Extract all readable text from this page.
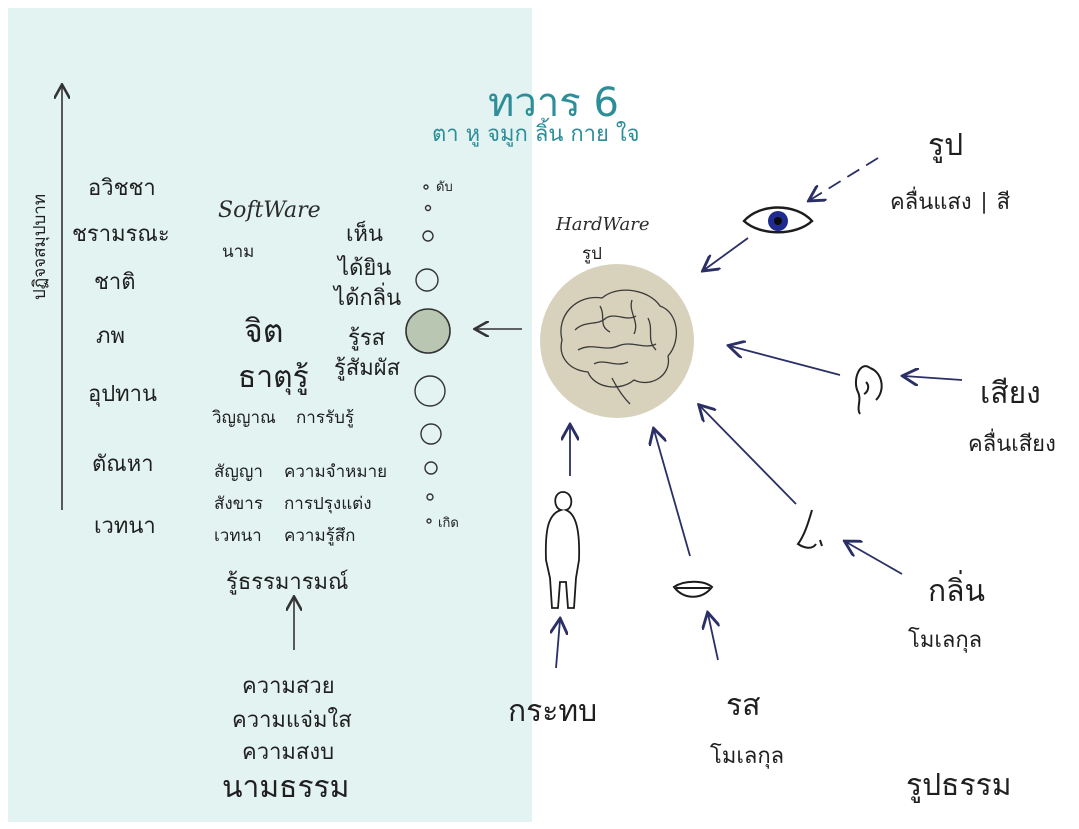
ทวาร 6
ตา หู จมูก ลิ้น กาย ใจ
ปฏิจจสมุปบาท
อวิชชา
ชรามรณะ
ชาติ
ภพ
อุปทาน
ตัณหา
เวทนา
SoftWare
นาม
เห็น
ได้ยิน
ได้กลิ่น
รู้รส
รู้สัมผัส
จิต
ธาตุรู้
วิญญาณ การรับรู้
สัญญา ความจำหมาย
สังขาร การปรุงแต่ง
เวทนา ความรู้สึก
ดับ
เกิด
รู้ธรรมารมณ์
ความสวย
ความแจ่มใส
ความสงบ
นามธรรม
HardWare
รูป
รูป
คลื่นแสง ∣ สี
เสียง
คลื่นเสียง
กลิ่น
โมเลกุล
รส
โมเลกุล
กระทบ
รูปธรรม
